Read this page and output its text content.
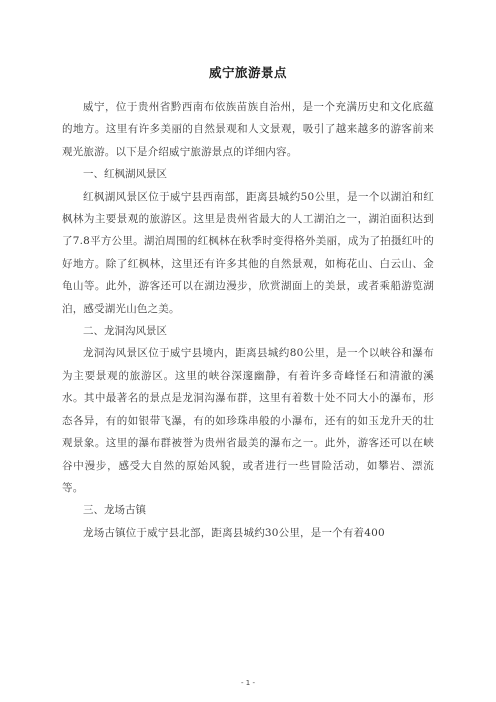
威宁旅游景点

威宁，位于贵州省黔西南布依族苗族自治州，是一个充满历史和文化底蕴的地方。这里有许多美丽的自然景观和人文景观，吸引了越来越多的游客前来观光旅游。以下是介绍威宁旅游景点的详细内容。

一、红枫湖风景区

红枫湖风景区位于威宁县西南部，距离县城约50公里，是一个以湖泊和红枫林为主要景观的旅游区。这里是贵州省最大的人工湖泊之一，湖泊面积达到了7.8平方公里。湖泊周围的红枫林在秋季时变得格外美丽，成为了拍摄红叶的好地方。除了红枫林，这里还有许多其他的自然景观，如梅花山、白云山、金龟山等。此外，游客还可以在湖边漫步，欣赏湖面上的美景，或者乘船游览湖泊，感受湖光山色之美。

二、龙洞沟风景区

龙洞沟风景区位于威宁县境内，距离县城约80公里，是一个以峡谷和瀑布为主要景观的旅游区。这里的峡谷深邃幽静，有着许多奇峰怪石和清澈的溪水。其中最著名的景点是龙洞沟瀑布群，这里有着数十处不同大小的瀑布，形态各异，有的如银带飞瀑，有的如珍珠串般的小瀑布，还有的如玉龙升天的壮观景象。这里的瀑布群被誉为贵州省最美的瀑布之一。此外，游客还可以在峡谷中漫步，感受大自然的原始风貌，或者进行一些冒险活动，如攀岩、漂流等。

三、龙场古镇

龙场古镇位于威宁县北部，距离县城约30公里，是一个有着400

- 1 -
